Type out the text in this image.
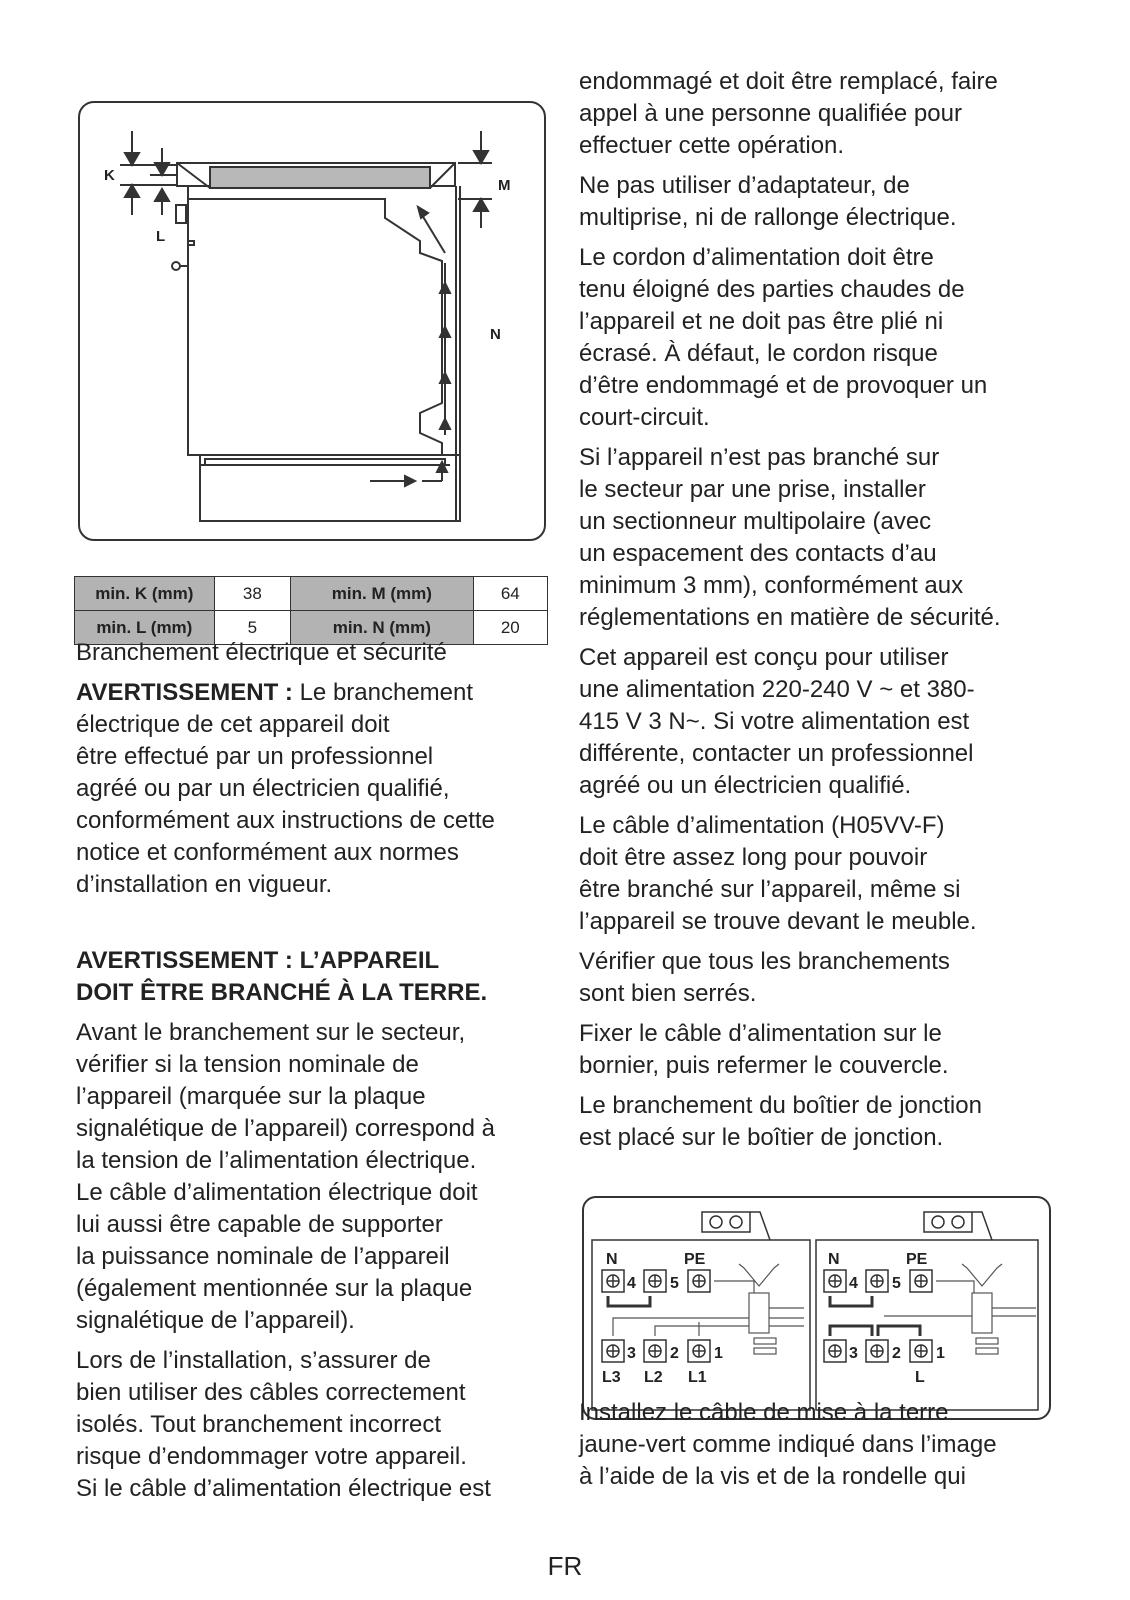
K
L
M
N
min. K (mm)	38	min. M (mm)	64
min. L (mm)	5	min. N (mm)	20
Branchement électrique et sécurité
AVERTISSEMENT : Le branchement
électrique de cet appareil doit
être effectué par un professionnel
agréé ou par un électricien qualifié,
conformément aux instructions de cette
notice et conformément aux normes
d’installation en vigueur.
AVERTISSEMENT : L’APPAREIL
DOIT ÊTRE BRANCHÉ À LA TERRE.
Avant le branchement sur le secteur,
vérifier si la tension nominale de
l’appareil (marquée sur la plaque
signalétique de l’appareil) correspond à
la tension de l’alimentation électrique.
Le câble d’alimentation électrique doit
lui aussi être capable de supporter
la puissance nominale de l’appareil
(également mentionnée sur la plaque
signalétique de l’appareil).
Lors de l’installation, s’assurer de
bien utiliser des câbles correctement
isolés. Tout branchement incorrect
risque d’endommager votre appareil.
Si le câble d’alimentation électrique est
endommagé et doit être remplacé, faire
appel à une personne qualifiée pour
effectuer cette opération.
Ne pas utiliser d’adaptateur, de
multiprise, ni de rallonge électrique.
Le cordon d’alimentation doit être
tenu éloigné des parties chaudes de
l’appareil et ne doit pas être plié ni
écrasé. À défaut, le cordon risque
d’être endommagé et de provoquer un
court-circuit.
Si l’appareil n’est pas branché sur
le secteur par une prise, installer
un sectionneur multipolaire (avec
un espacement des contacts d’au
minimum 3 mm), conformément aux
réglementations en matière de sécurité.
Cet appareil est conçu pour utiliser
une alimentation 220-240 V ~ et 380-
415 V 3 N~. Si votre alimentation est
différente, contacter un professionnel
agréé ou un électricien qualifié.
Le câble d’alimentation (H05VV-F)
doit être assez long pour pouvoir
être branché sur l’appareil, même si
l’appareil se trouve devant le meuble.
Vérifier que tous les branchements
sont bien serrés.
Fixer le câble d’alimentation sur le
bornier, puis refermer le couvercle.
Le branchement du boîtier de jonction
est placé sur le boîtier de jonction.
N	PE
4 5
3 2 1
L3 L2 L1
N	PE
4 5
3 2 1
L
Installez le câble de mise à la terre
jaune-vert comme indiqué dans l’image
à l’aide de la vis et de la rondelle qui
FR
